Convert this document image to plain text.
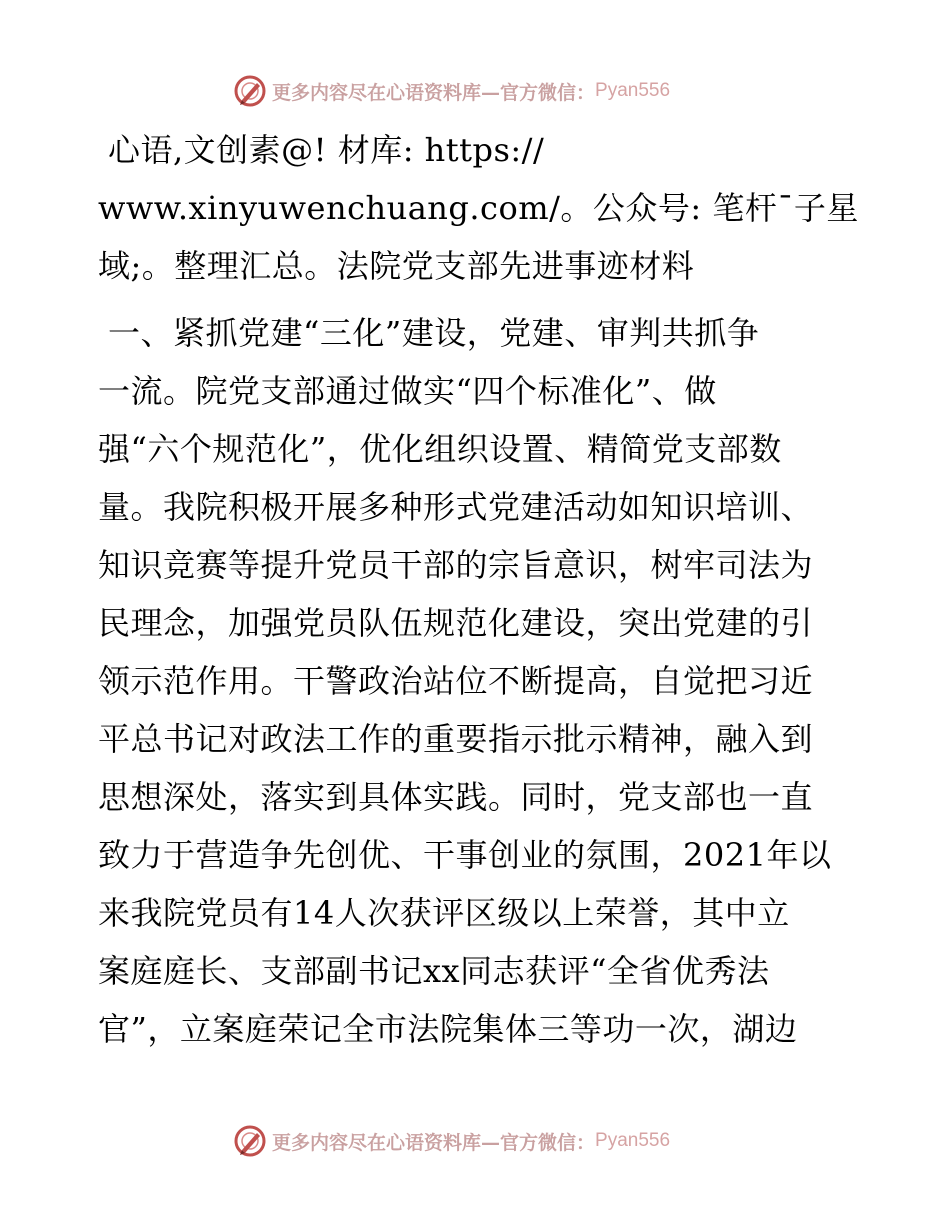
更多内容尽在心语资料库—官方微信： Pyan556
心语,文创素@! 材库: https://
www.xinyuwenchuang.com/。公众号: 笔杆¯子星
域;。整理汇总。法院党支部先进事迹材料
一、紧抓党建“三化”建设，党建、审判共抓争
一流。院党支部通过做实“四个标准化”、做
强“六个规范化”，优化组织设置、精简党支部数
量。我院积极开展多种形式党建活动如知识培训、
知识竞赛等提升党员干部的宗旨意识，树牢司法为
民理念，加强党员队伍规范化建设，突出党建的引
领示范作用。干警政治站位不断提高，自觉把习近
平总书记对政法工作的重要指示批示精神，融入到
思想深处，落实到具体实践。同时，党支部也一直
致力于营造争先创优、干事创业的氛围，2021年以
来我院党员有14人次获评区级以上荣誉，其中立
案庭庭长、支部副书记xx同志获评“全省优秀法
官”，立案庭荣记全市法院集体三等功一次，湖边
更多内容尽在心语资料库—官方微信： Pyan556
